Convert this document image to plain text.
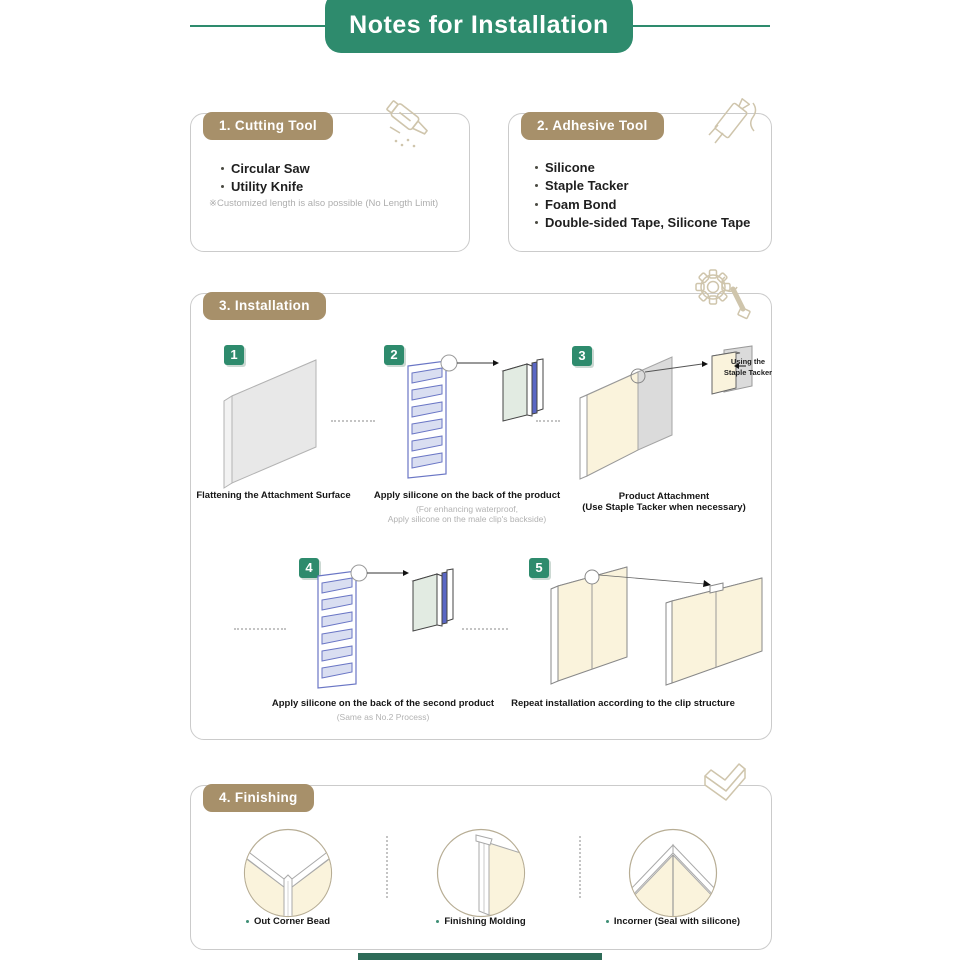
Notes for Installation
1. Cutting Tool
Circular Saw
Utility Knife
※Customized length is also possible (No Length Limit)
2. Adhesive Tool
Silicone
Staple Tacker
Foam Bond
Double-sided Tape, Silicone Tape
3. Installation
1	2	3
4	5
Using the
Staple Tacker
Flattening the Attachment Surface	Apply silicone on the back of the product
(For enhancing waterproof,
Apply silicone on the male clip's backside)
Product Attachment
(Use Staple Tacker when necessary)
Apply silicone on the back of the second product
(Same as No.2 Process)
Repeat installation according to the clip structure
4. Finishing
Out Corner Bead	Finishing Molding	Incorner (Seal with silicone)
